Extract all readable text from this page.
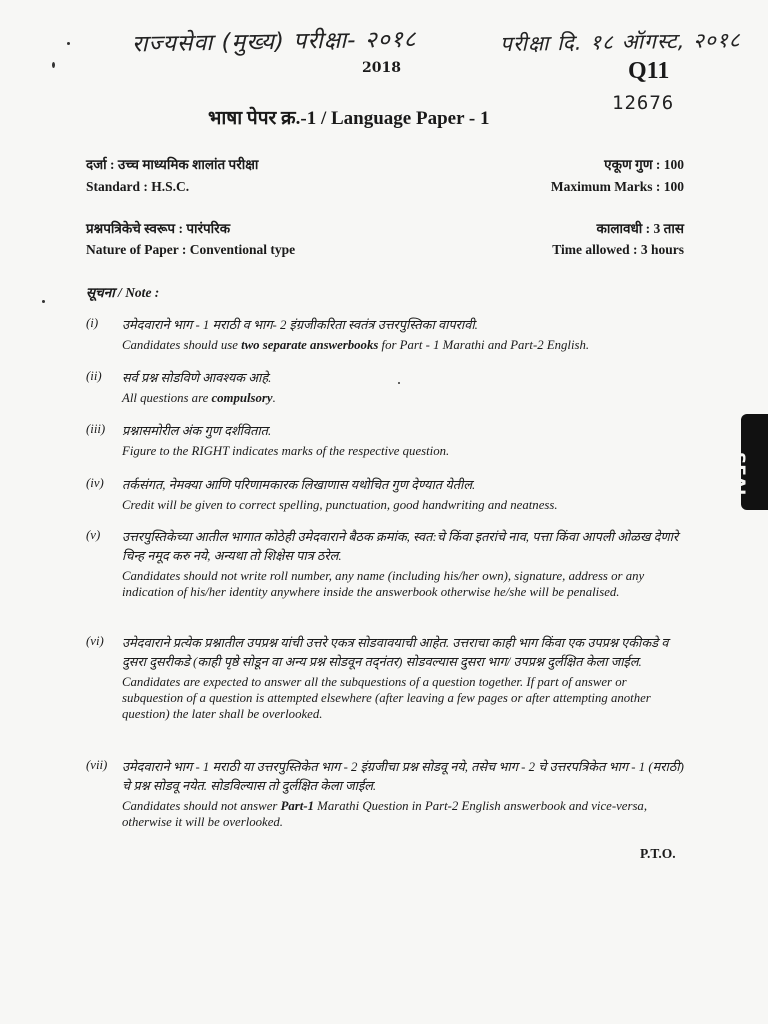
राज्यसेवा (मुख्य) परीक्षा- २०१८	परीक्षा दि. १८ ऑगस्ट, २०१८
12676
2018	Q11
भाषा पेपर क्र.-1 / Language Paper - 1
दर्जा : उच्च माध्यमिक शालांत परीक्षा	एकूण गुण : 100
Standard : H.S.C.	Maximum Marks : 100
प्रश्नपत्रिकेचे स्वरूप : पारंपरिक	कालावधी : 3 तास
Nature of Paper : Conventional type	Time allowed : 3 hours
सूचना / Note :
(i) उमेदवाराने भाग - 1 मराठी व भाग- 2 इंग्रजीकरिता स्वतंत्र उत्तरपुस्तिका वापरावी.
Candidates should use two separate answerbooks for Part - 1 Marathi and Part-2 English.
(ii) सर्व प्रश्न सोडविणे आवश्यक आहे.
All questions are compulsory.
(iii) प्रश्नासमोरील अंक गुण दर्शवितात.
Figure to the RIGHT indicates marks of the respective question.
(iv) तर्कसंगत, नेमक्या आणि परिणामकारक लिखाणास यथोचित गुण देण्यात येतील.
Credit will be given to correct spelling, punctuation, good handwriting and neatness.
(v) उत्तरपुस्तिकेच्या आतील भागात कोठेही उमेदवाराने बैठक क्रमांक, स्वत:चे किंवा इतरांचे नाव, पत्ता किंवा आपली ओळख देणारे चिन्ह नमूद करु नये, अन्यथा तो शिक्षेस पात्र ठरेल.
Candidates should not write roll number, any name (including his/her own), signature, address or any indication of his/her identity anywhere inside the answerbook otherwise he/she will be penalised.
(vi) उमेदवाराने प्रत्येक प्रश्नातील उपप्रश्न यांची उत्तरे एकत्र सोडवावयाची आहेत. उत्तराचा काही भाग किंवा एक उपप्रश्न एकीकडे व दुसरा दुसरीकडे (काही पृष्ठे सोडून वा अन्य प्रश्न सोडवून तद्नंतर) सोडवल्यास दुसरा भाग/ उपप्रश्न दुर्लक्षित केला जाईल.
Candidates are expected to answer all the subquestions of a question together. If part of answer or subquestion of a question is attempted elsewhere (after leaving a few pages or after attempting another question) the later shall be overlooked.
(vii) उमेदवाराने भाग - 1 मराठी या उत्तरपुस्तिकेत भाग - 2 इंग्रजीचा प्रश्न सोडवू नये, तसेच भाग - 2 चे उत्तरपत्रिकेत भाग - 1 (मराठी) चे प्रश्न सोडवू नयेत. सोडविल्यास तो दुर्लक्षित केला जाईल.
Candidates should not answer Part-1 Marathi Question in Part-2 English answerbook and vice-versa, otherwise it will be overlooked.
P.T.O.
SEAL
